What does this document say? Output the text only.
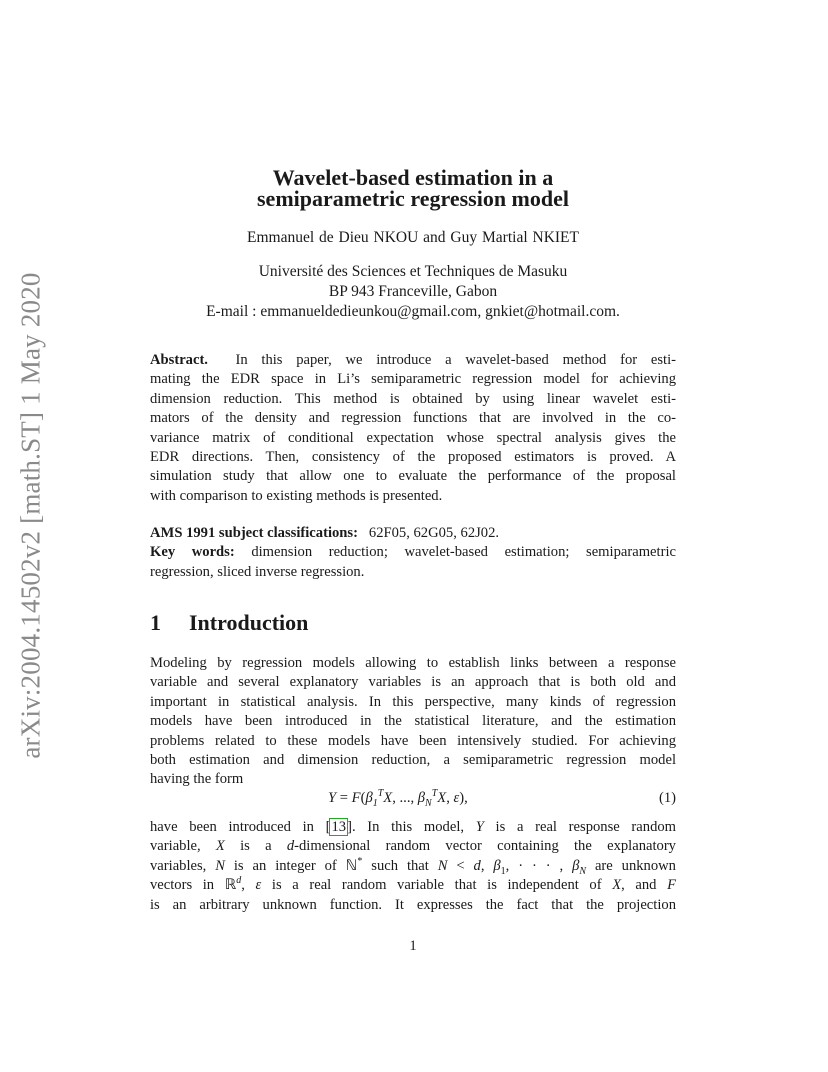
arXiv:2004.14502v2 [math.ST] 1 May 2020
Wavelet-based estimation in a
semiparametric regression model
Emmanuel de Dieu NKOU and Guy Martial NKIET
Université des Sciences et Techniques de Masuku
BP 943 Franceville, Gabon
E-mail : emmanueldedieunkou@gmail.com, gnkiet@hotmail.com.
Abstract. In this paper, we introduce a wavelet-based method for esti-
mating the EDR space in Li’s semiparametric regression model for achieving
dimension reduction. This method is obtained by using linear wavelet esti-
mators of the density and regression functions that are involved in the co-
variance matrix of conditional expectation whose spectral analysis gives the
EDR directions. Then, consistency of the proposed estimators is proved. A
simulation study that allow one to evaluate the performance of the proposal
with comparison to existing methods is presented.
AMS 1991 subject classifications: 62F05, 62G05, 62J02.
Key words: dimension reduction; wavelet-based estimation; semiparametric
regression, sliced inverse regression.
1 Introduction
Modeling by regression models allowing to establish links between a response
variable and several explanatory variables is an approach that is both old and
important in statistical analysis. In this perspective, many kinds of regression
models have been introduced in the statistical literature, and the estimation
problems related to these models have been intensively studied. For achieving
both estimation and dimension reduction, a semiparametric regression model
having the form
$Y = F(\beta_1^TX$, ..., $\beta_N^TX$, ε),	(1)
have been introduced in [13]. In this model, Y is a real response random
variable, X is a d-dimensional random vector containing the explanatory
variables, N is an integer of ℕ* such that N < d, $\beta_1$, · · · , $\beta_N$ are unknown
vectors in ℝ$^d$, ε is a real random variable that is independent of X, and F
is an arbitrary unknown function. It expresses the fact that the projection
1
